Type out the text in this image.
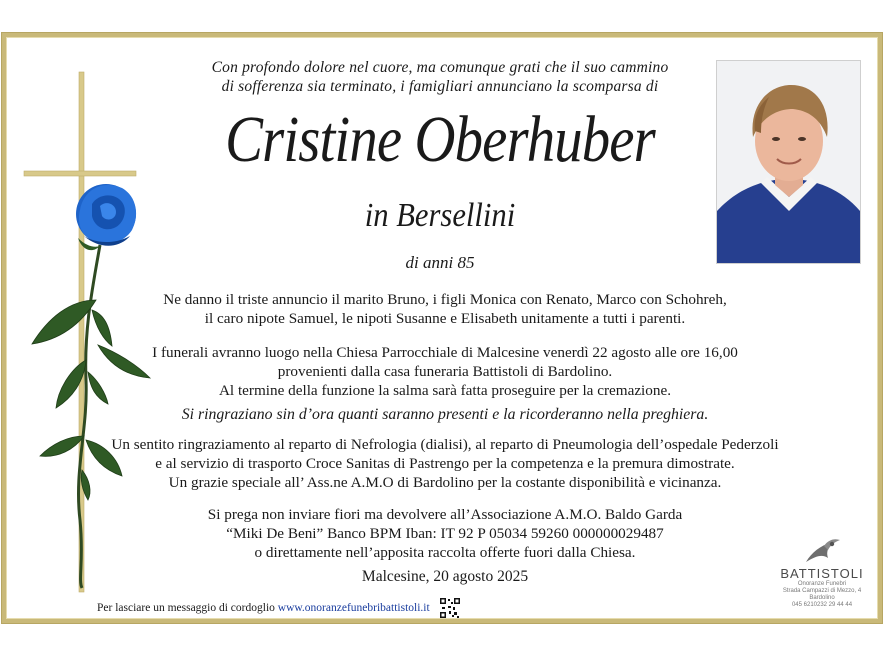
Con profondo dolore nel cuore, ma comunque grati che il suo cammino
di sofferenza sia terminato, i famigliari annunciano la scomparsa di
Cristine Oberhuber
in Bersellini
di anni 85
Ne danno il triste annuncio il marito Bruno, i figli Monica con Renato, Marco con Schohreh,
il caro nipote Samuel, le nipoti Susanne e Elisabeth unitamente a tutti i parenti.
I funerali avranno luogo nella Chiesa Parrocchiale di Malcesine venerdì 22 agosto alle ore 16,00
provenienti dalla casa funeraria Battistoli di Bardolino.
Al termine della funzione la salma sarà fatta proseguire per la cremazione.
Si ringraziano sin d’ora quanti saranno presenti e la ricorderanno nella preghiera.
Un sentito ringraziamento al reparto di Nefrologia (dialisi), al reparto di Pneumologia dell’ospedale Pederzoli
e al servizio di trasporto Croce Sanitas di Pastrengo per la competenza e la premura dimostrate.
Un grazie speciale all’ Ass.ne A.M.O di Bardolino per la costante disponibilità e vicinanza.
Si prega non inviare fiori ma devolvere all’Associazione A.M.O. Baldo Garda
“Miki De Beni” Banco BPM Iban: IT 92 P 05034 59260 000000029487
o direttamente nell’apposita raccolta offerte fuori dalla Chiesa.
Malcesine, 20 agosto 2025
Per lasciare un messaggio di cordoglio www.onoranzefunebribattistoli.it
BATTISTOLI
Onoranze Funebri
Strada Campazzi di Mezzo, 4 Bardolino
045 6210232 29 44 44
